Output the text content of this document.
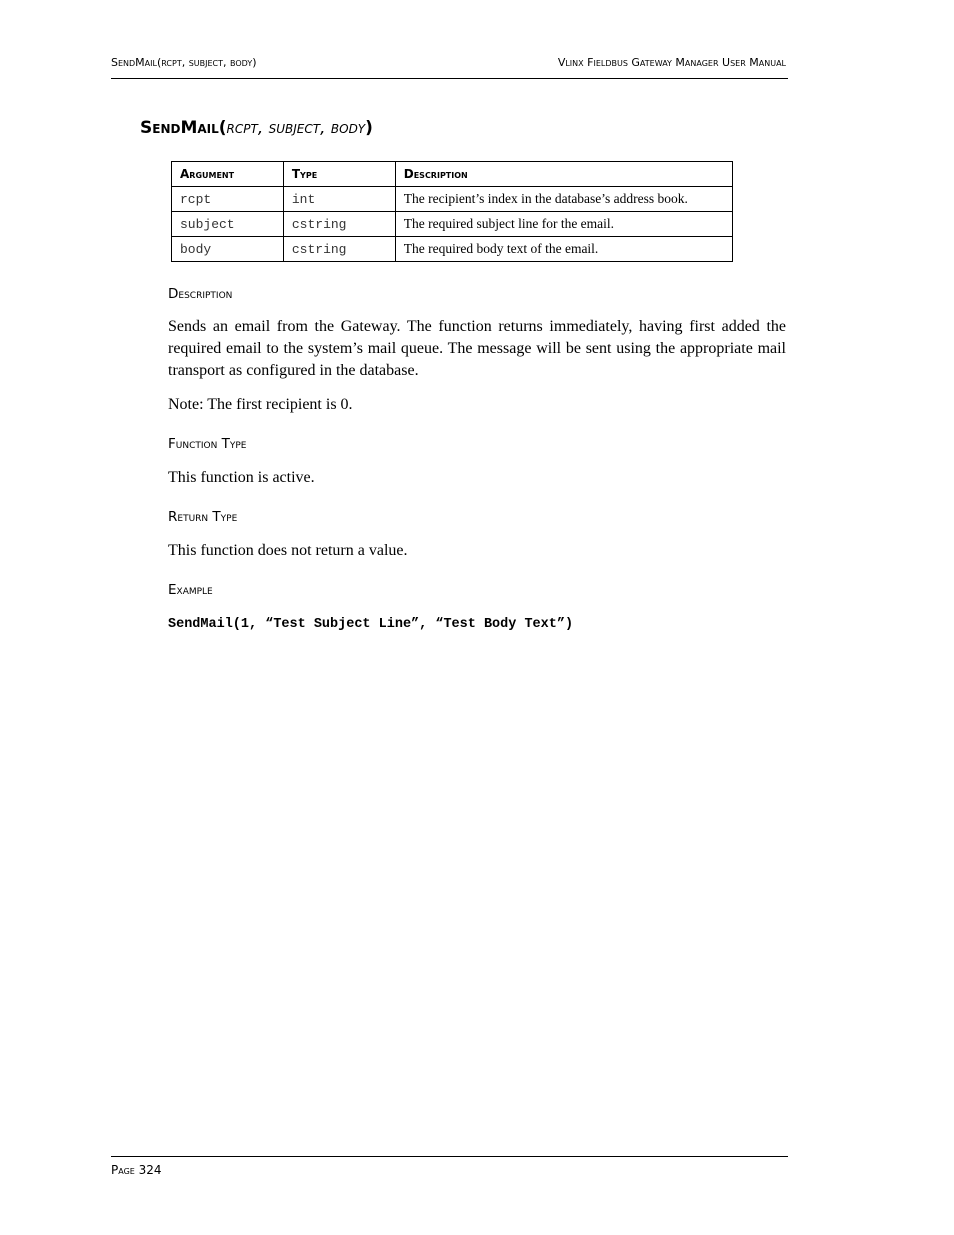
SendMail(rcpt, subject, body)	Vlinx Fieldbus Gateway Manager User Manual
SendMail(rcpt, subject, body)
Argument	Type	Description
rcpt	int	The recipient’s index in the database’s address book.
subject	cstring	The required subject line for the email.
body	cstring	The required body text of the email.
Description
Sends an email from the Gateway. The function returns immediately, having first added the required email to the system’s mail queue. The message will be sent using the appropriate mail transport as configured in the database.
Note: The first recipient is 0.
Function Type
This function is active.
Return Type
This function does not return a value.
Example
SendMail(1, “Test Subject Line”, “Test Body Text”)
Page 324
